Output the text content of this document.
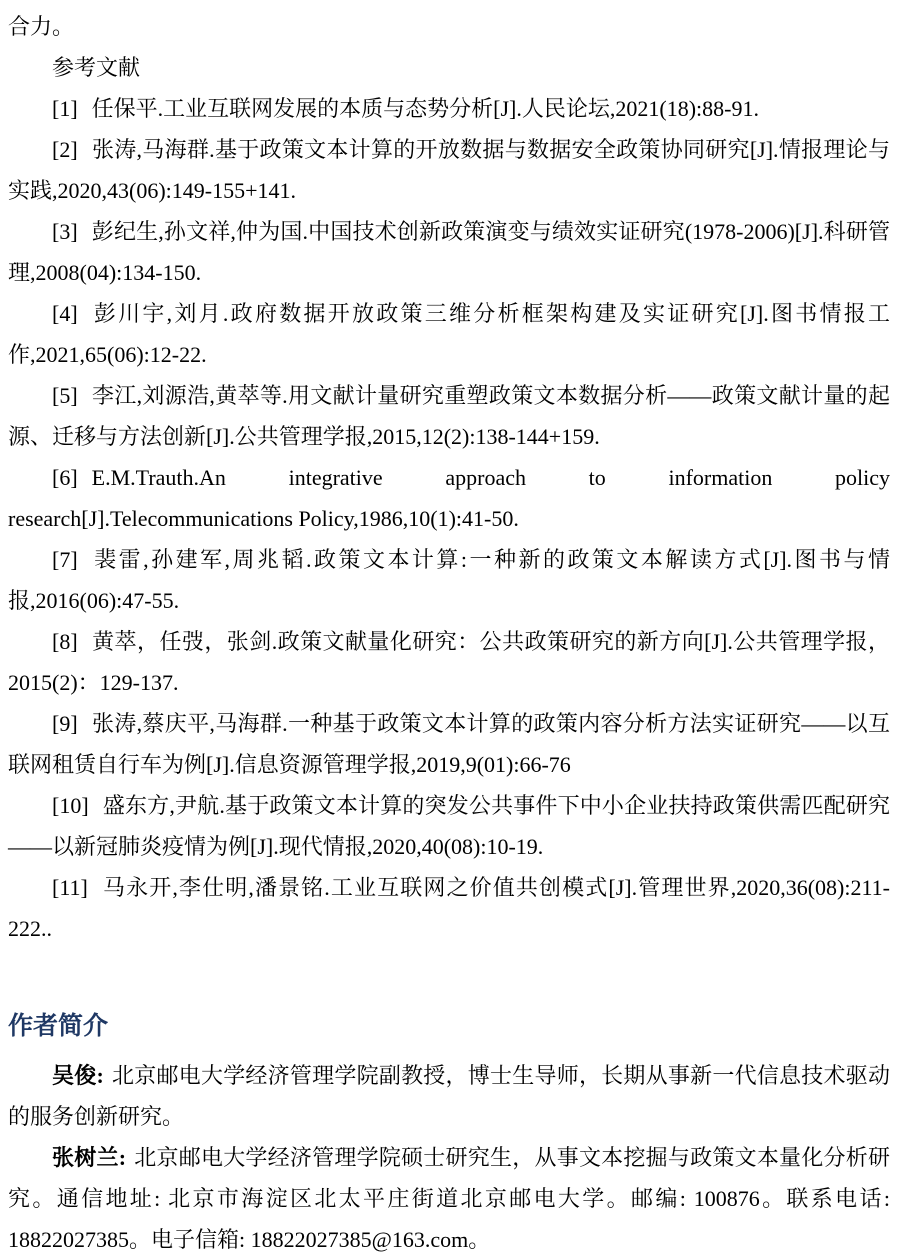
合力。

参考文献

[1] 任保平.工业互联网发展的本质与态势分析[J].人民论坛,2021(18):88-91.

[2] 张涛,马海群.基于政策文本计算的开放数据与数据安全政策协同研究[J].情报理论与实践,2020,43(06):149-155+141.

[3] 彭纪生,孙文祥,仲为国.中国技术创新政策演变与绩效实证研究(1978-2006)[J].科研管理,2008(04):134-150.

[4] 彭川宇,刘月.政府数据开放政策三维分析框架构建及实证研究[J].图书情报工作,2021,65(06):12-22.

[5] 李江,刘源浩,黄萃等.用文献计量研究重塑政策文本数据分析——政策文献计量的起源、迁移与方法创新[J].公共管理学报,2015,12(2):138-144+159.

[6] E.M.Trauth.An integrative approach to information policy research[J].Telecommunications Policy,1986,10(1):41-50.

[7] 裴雷,孙建军,周兆韬.政策文本计算:一种新的政策文本解读方式[J].图书与情报,2016(06):47-55.

[8] 黄萃，任弢，张剑.政策文献量化研究：公共政策研究的新方向[J].公共管理学报，2015(2)：129-137.

[9] 张涛,蔡庆平,马海群.一种基于政策文本计算的政策内容分析方法实证研究——以互联网租赁自行车为例[J].信息资源管理学报,2019,9(01):66-76

[10] 盛东方,尹航.基于政策文本计算的突发公共事件下中小企业扶持政策供需匹配研究——以新冠肺炎疫情为例[J].现代情报,2020,40(08):10-19.

[11] 马永开,李仕明,潘景铭.工业互联网之价值共创模式[J].管理世界,2020,36(08):211-222..

作者简介

吴俊: 北京邮电大学经济管理学院副教授，博士生导师，长期从事新一代信息技术驱动的服务创新研究。

张树兰: 北京邮电大学经济管理学院硕士研究生，从事文本挖掘与政策文本量化分析研究。通信地址: 北京市海淀区北太平庄街道北京邮电大学。邮编: 100876。联系电话: 18822027385。电子信箱: 18822027385@163.com。
